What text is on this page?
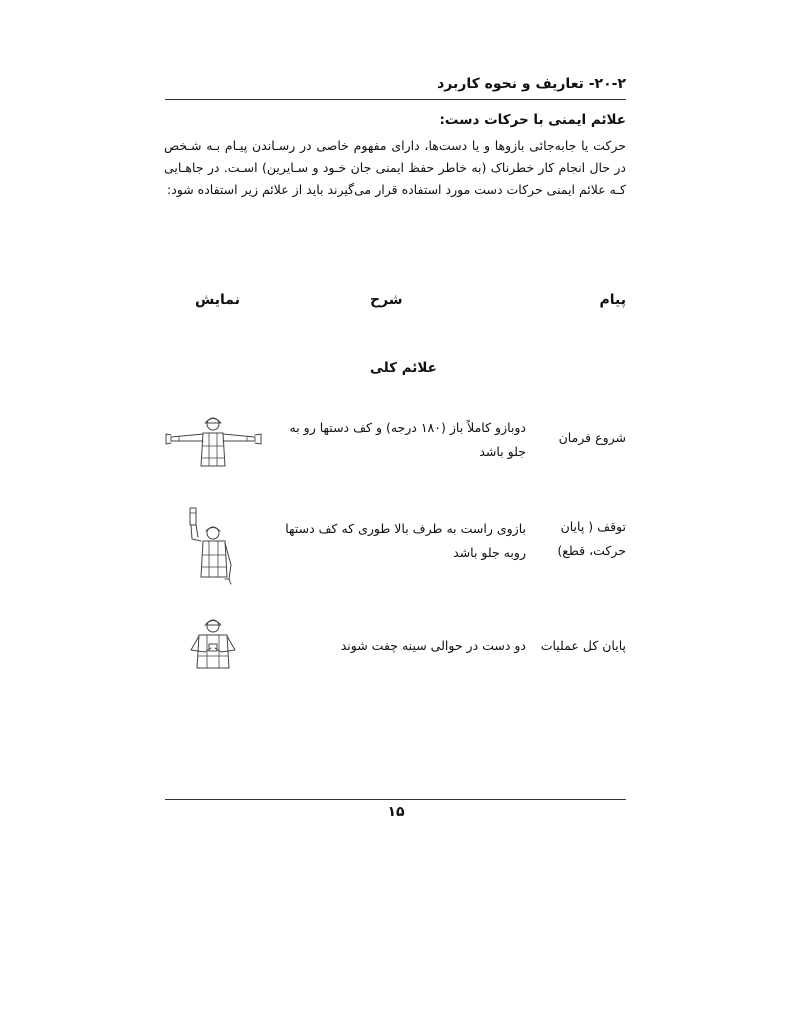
۲۰-۲- تعاریف و نحوه کاربرد
علائم ایمنی با حرکات دست:
حرکت یا جابه‌جائی بازوها و یا دست‌ها، دارای مفهوم خاصی در رسـاندن پیـام بـه شـخص در حال انجام کار خطرناک (به خاطر حفظ ایمنی جان خـود و سـایرین) اسـت. در جاهـایی کـه علائم ایمنی حرکات دست مورد استفاده قرار می‌گیرند باید از علائم زیر استفاده شود:
پیام
شرح
نمایش
علائم کلی
شروع فرمان
دوبازو کاملاً باز (۱۸۰ درجه) و کف دستها رو به جلو باشد
توقف ( پایان حرکت، قطع)
بازوی راست به طرف بالا طوری که کف دستها روبه جلو باشد
پایان کل عملیات
دو دست در حوالی سینه چفت شوند
۱۵
